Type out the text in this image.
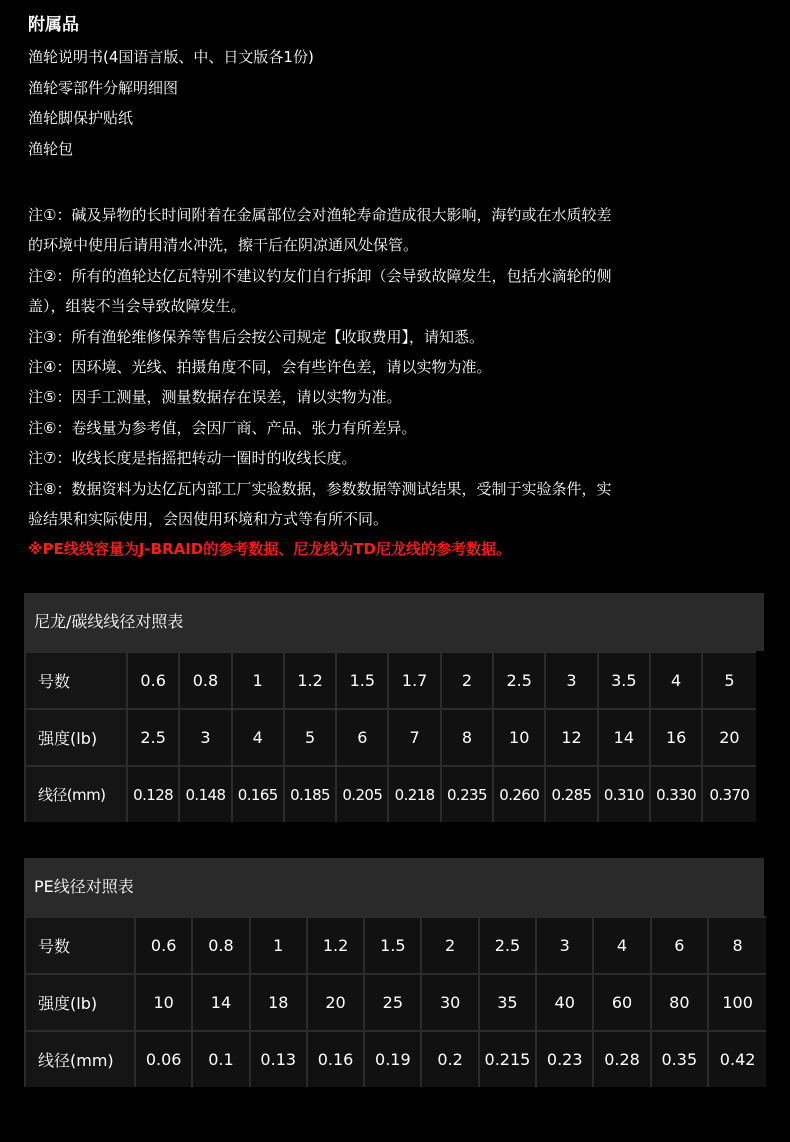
附属品
渔轮说明书(4国语言版、中、日文版各1份)
渔轮零部件分解明细图
渔轮脚保护贴纸
渔轮包
注①：碱及异物的长时间附着在金属部位会对渔轮寿命造成很大影响，海钓或在水质较差
的环境中使用后请用清水冲洗，擦干后在阴凉通风处保管。
注②：所有的渔轮达亿瓦特别不建议钓友们自行拆卸（会导致故障发生，包括水滴轮的侧
盖），组装不当会导致故障发生。
注③：所有渔轮维修保养等售后会按公司规定【收取费用】，请知悉。
注④：因环境、光线、拍摄角度不同，会有些许色差，请以实物为准。
注⑤：因手工测量，测量数据存在误差，请以实物为准。
注⑥：卷线量为参考值，会因厂商、产品、张力有所差异。
注⑦：收线长度是指摇把转动一圈时的收线长度。
注⑧：数据资料为达亿瓦内部工厂实验数据，参数数据等测试结果，受制于实验条件，实
验结果和实际使用，会因使用环境和方式等有所不同。
※PE线线容量为J-BRAID的参考数据、尼龙线为TD尼龙线的参考数据。
尼龙/碳线线径对照表
号数	0.6	0.8	1	1.2	1.5	1.7	2	2.5	3	3.5	4	5
强度(lb)	2.5	3	4	5	6	7	8	10	12	14	16	20
线径(mm)	0.128 0.148 0.165 0.185 0.205 0.218 0.235 0.260 0.285 0.310 0.330 0.370
PE线径对照表
号数	0.6	0.8	1	1.2	1.5	2	2.5	3	4	6	8
强度(lb)	10	14	18	20	25	30	35	40	60	80	100
线径(mm)	0.06	0.1	0.13	0.16	0.19	0.2	0.215	0.23	0.28	0.35	0.42
